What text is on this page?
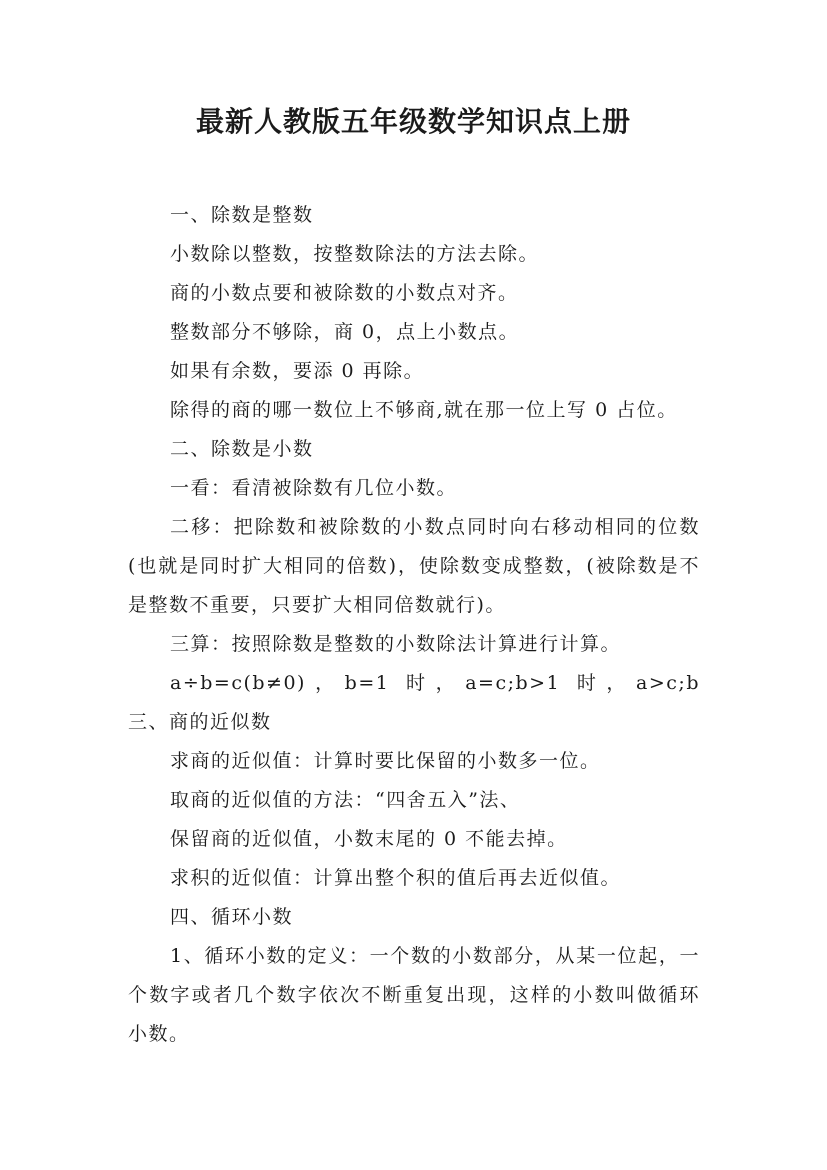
最新人教版五年级数学知识点上册

一、除数是整数

小数除以整数，按整数除法的方法去除。

商的小数点要和被除数的小数点对齐。

整数部分不够除，商 0，点上小数点。

如果有余数，要添 0 再除。

除得的商的哪一数位上不够商,就在那一位上写 0 占位。

二、除数是小数

一看：看清被除数有几位小数。

二移：把除数和被除数的小数点同时向右移动相同的位数(也就是同时扩大相同的倍数)，使除数变成整数，(被除数是不是整数不重要，只要扩大相同倍数就行)。

三算：按照除数是整数的小数除法计算进行计算。

a÷b=c(b≠0)，b=1 时，a=c;b>1 时，a>c;b　　三、商的近似数

求商的近似值：计算时要比保留的小数多一位。

取商的近似值的方法：“四舍五入”法、

保留商的近似值，小数末尾的 0 不能去掉。

求积的近似值：计算出整个积的值后再去近似值。

四、循环小数

1、循环小数的定义：一个数的小数部分，从某一位起，一个数字或者几个数字依次不断重复出现，这样的小数叫做循环小数。
